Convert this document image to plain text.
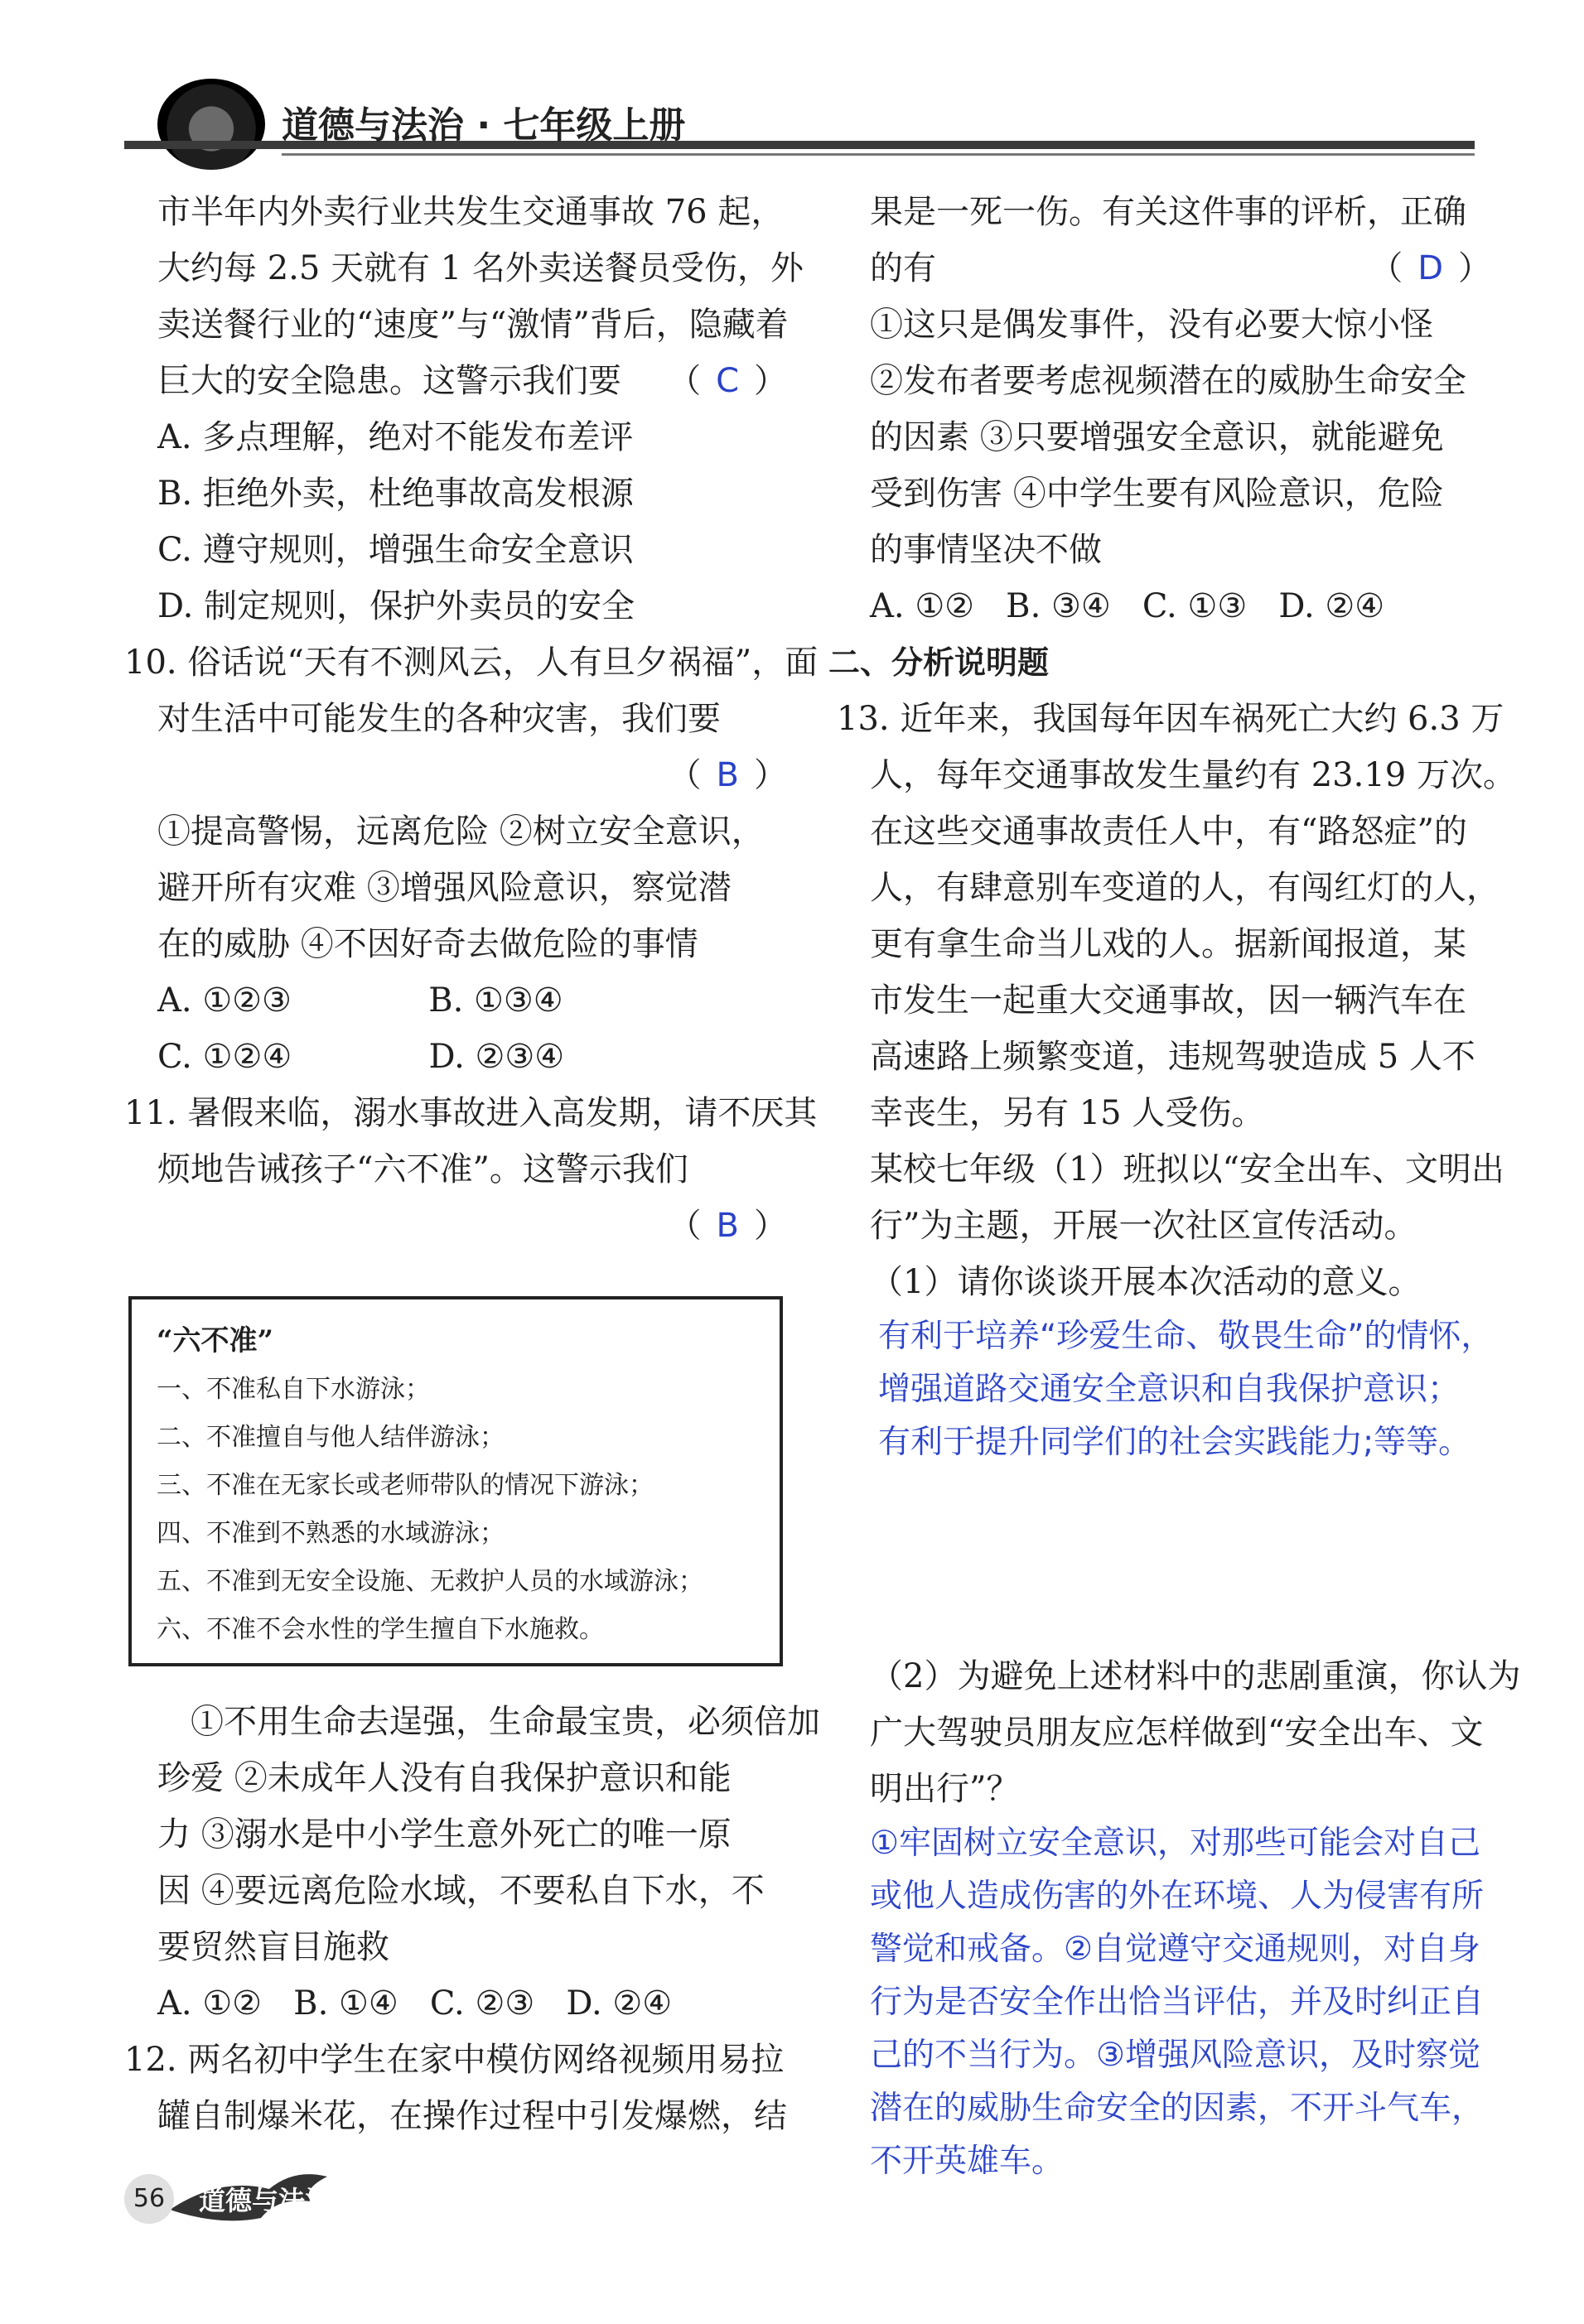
道德与法治 · 七年级上册
市半年内外卖行业共发生交通事故 76 起，
大约每 2.5 天就有 1 名外卖送餐员受伤，外
卖送餐行业的“速度”与“激情”背后，隐藏着
巨大的安全隐患。这警示我们要 （ C ）
A. 多点理解，绝对不能发布差评
B. 拒绝外卖，杜绝事故高发根源
C. 遵守规则，增强生命安全意识
D. 制定规则，保护外卖员的安全
10. 俗话说“天有不测风云，人有旦夕祸福”，面
对生活中可能发生的各种灾害，我们要
（ B ）
①提高警惕，远离危险 ②树立安全意识，
避开所有灾难 ③增强风险意识，察觉潜
在的威胁 ④不因好奇去做危险的事情
A. ①②③             B. ①③④
C. ①②④             D. ②③④
11. 暑假来临，溺水事故进入高发期，请不厌其
烦地告诫孩子“六不准”。这警示我们
（ B ）
“六不准”
一、不准私自下水游泳；
二、不准擅自与他人结伴游泳；
三、不准在无家长或老师带队的情况下游泳；
四、不准到不熟悉的水域游泳；
五、不准到无安全设施、无救护人员的水域游泳；
六、不准不会水性的学生擅自下水施救。
①不用生命去逞强，生命最宝贵，必须倍加
珍爱 ②未成年人没有自我保护意识和能
力 ③溺水是中小学生意外死亡的唯一原
因 ④要远离危险水域，不要私自下水，不
要贸然盲目施救
A. ①②   B. ①④   C. ②③   D. ②④
12. 两名初中学生在家中模仿网络视频用易拉
罐自制爆米花，在操作过程中引发爆燃，结
果是一死一伤。有关这件事的评析，正确
的有	（ D ）
①这只是偶发事件，没有必要大惊小怪
②发布者要考虑视频潜在的威胁生命安全
的因素 ③只要增强安全意识，就能避免
受到伤害 ④中学生要有风险意识，危险
的事情坚决不做
A. ①②   B. ③④   C. ①③   D. ②④
二、分析说明题
13. 近年来，我国每年因车祸死亡大约 6.3 万
人，每年交通事故发生量约有 23.19 万次。
在这些交通事故责任人中，有“路怒症”的
人，有肆意别车变道的人，有闯红灯的人，
更有拿生命当儿戏的人。据新闻报道，某
市发生一起重大交通事故，因一辆汽车在
高速路上频繁变道，违规驾驶造成 5 人不
幸丧生，另有 15 人受伤。
某校七年级（1）班拟以“安全出车、文明出
行”为主题，开展一次社区宣传活动。
（1）请你谈谈开展本次活动的意义。
有利于培养“珍爱生命、敬畏生命”的情怀，
增强道路交通安全意识和自我保护意识；
有利于提升同学们的社会实践能力;等等。
（2）为避免上述材料中的悲剧重演，你认为
广大驾驶员朋友应怎样做到“安全出车、文
明出行”？
①牢固树立安全意识，对那些可能会对自己
或他人造成伤害的外在环境、人为侵害有所
警觉和戒备。②自觉遵守交通规则，对自身
行为是否安全作出恰当评估，并及时纠正自
己的不当行为。③增强风险意识，及时察觉
潜在的威胁生命安全的因素，不开斗气车，
不开英雄车。
56	道德与法治
